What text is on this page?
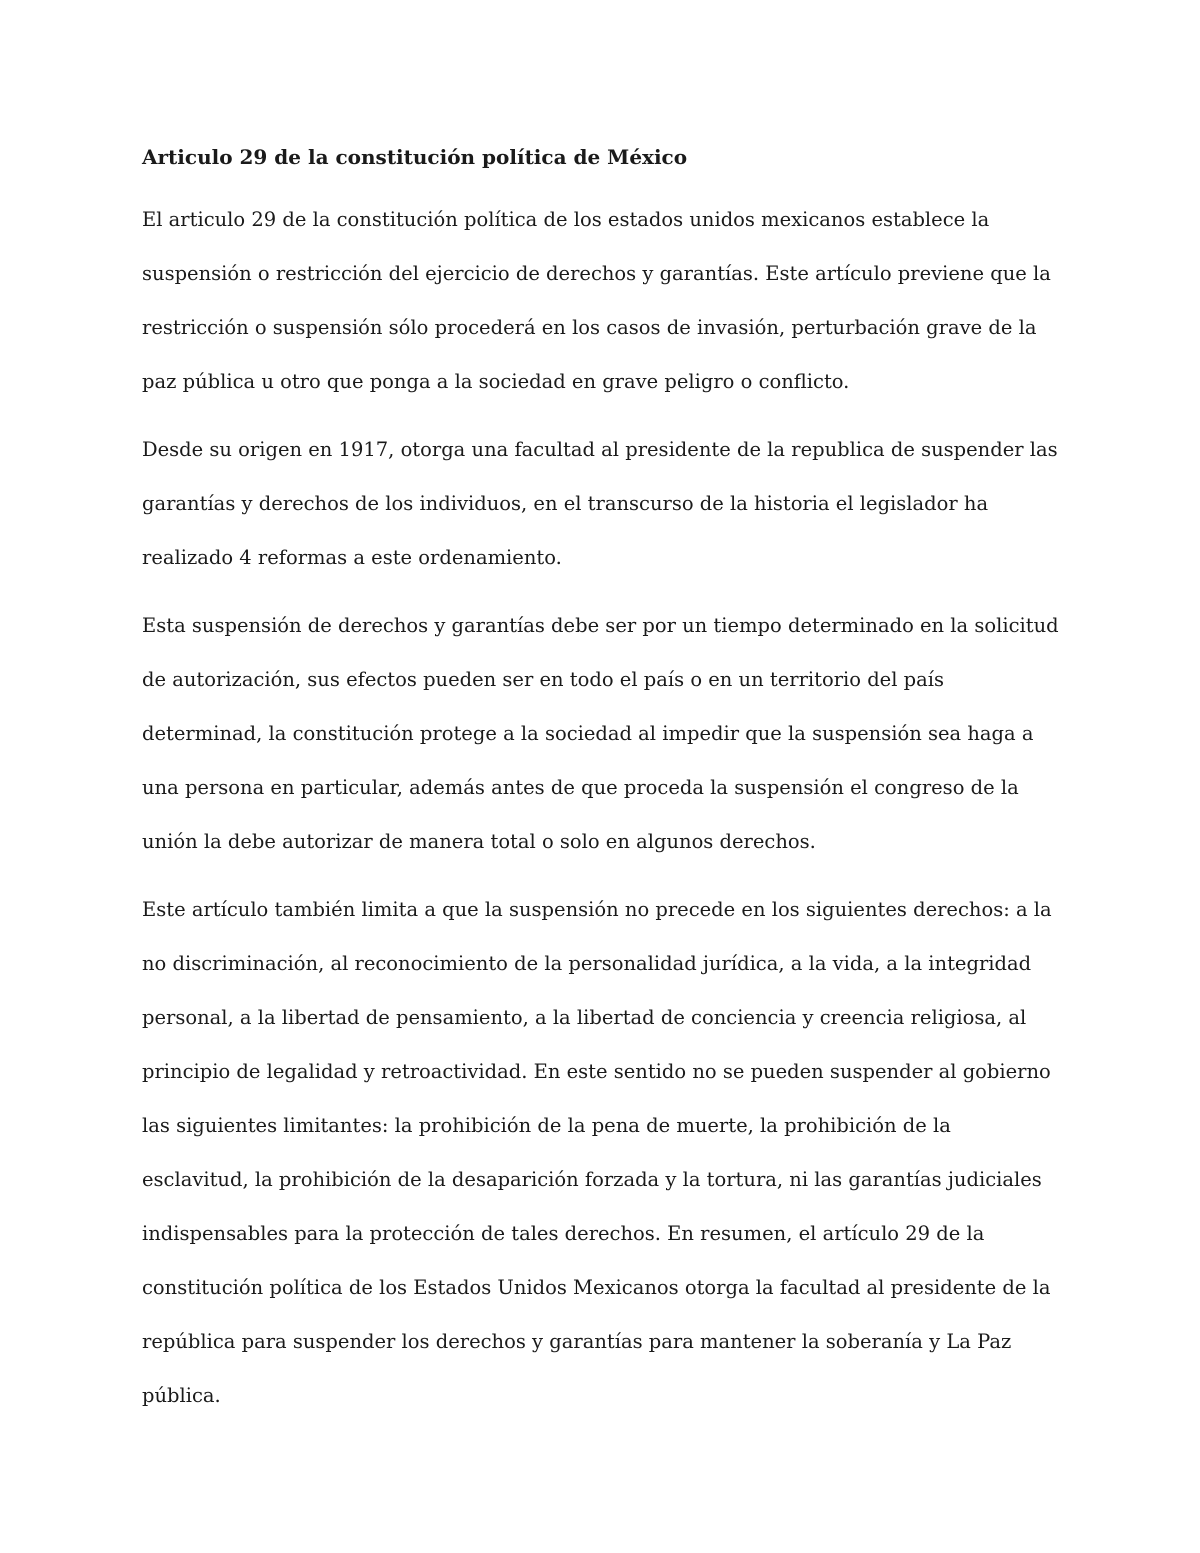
Articulo 29 de la constitución política de México

El articulo 29 de la constitución política de los estados unidos mexicanos establece la suspensión o restricción del ejercicio de derechos y garantías. Este artículo previene que la restricción o suspensión sólo procederá en los casos de invasión, perturbación grave de la paz pública u otro que ponga a la sociedad en grave peligro o conflicto.

Desde su origen en 1917, otorga una facultad al presidente de la republica de suspender las garantías y derechos de los individuos, en el transcurso de la historia el legislador ha realizado 4 reformas a este ordenamiento.

Esta suspensión de derechos y garantías debe ser por un tiempo determinado en la solicitud de autorización, sus efectos pueden ser en todo el país o en un territorio del país determinad, la constitución protege a la sociedad al impedir que la suspensión sea haga a una persona en particular, además antes de que proceda la suspensión el congreso de la unión la debe autorizar de manera total o solo en algunos derechos.

Este artículo también limita a que la suspensión no precede en los siguientes derechos: a la no discriminación, al reconocimiento de la personalidad jurídica, a la vida, a la integridad personal, a la libertad de pensamiento, a la libertad de conciencia y creencia religiosa, al principio de legalidad y retroactividad. En este sentido no se pueden suspender al gobierno las siguientes limitantes: la prohibición de la pena de muerte, la prohibición de la esclavitud, la prohibición de la desaparición forzada y la tortura, ni las garantías judiciales indispensables para la protección de tales derechos. En resumen, el artículo 29 de la constitución política de los Estados Unidos Mexicanos otorga la facultad al presidente de la república para suspender los derechos y garantías para mantener la soberanía y La Paz pública.
